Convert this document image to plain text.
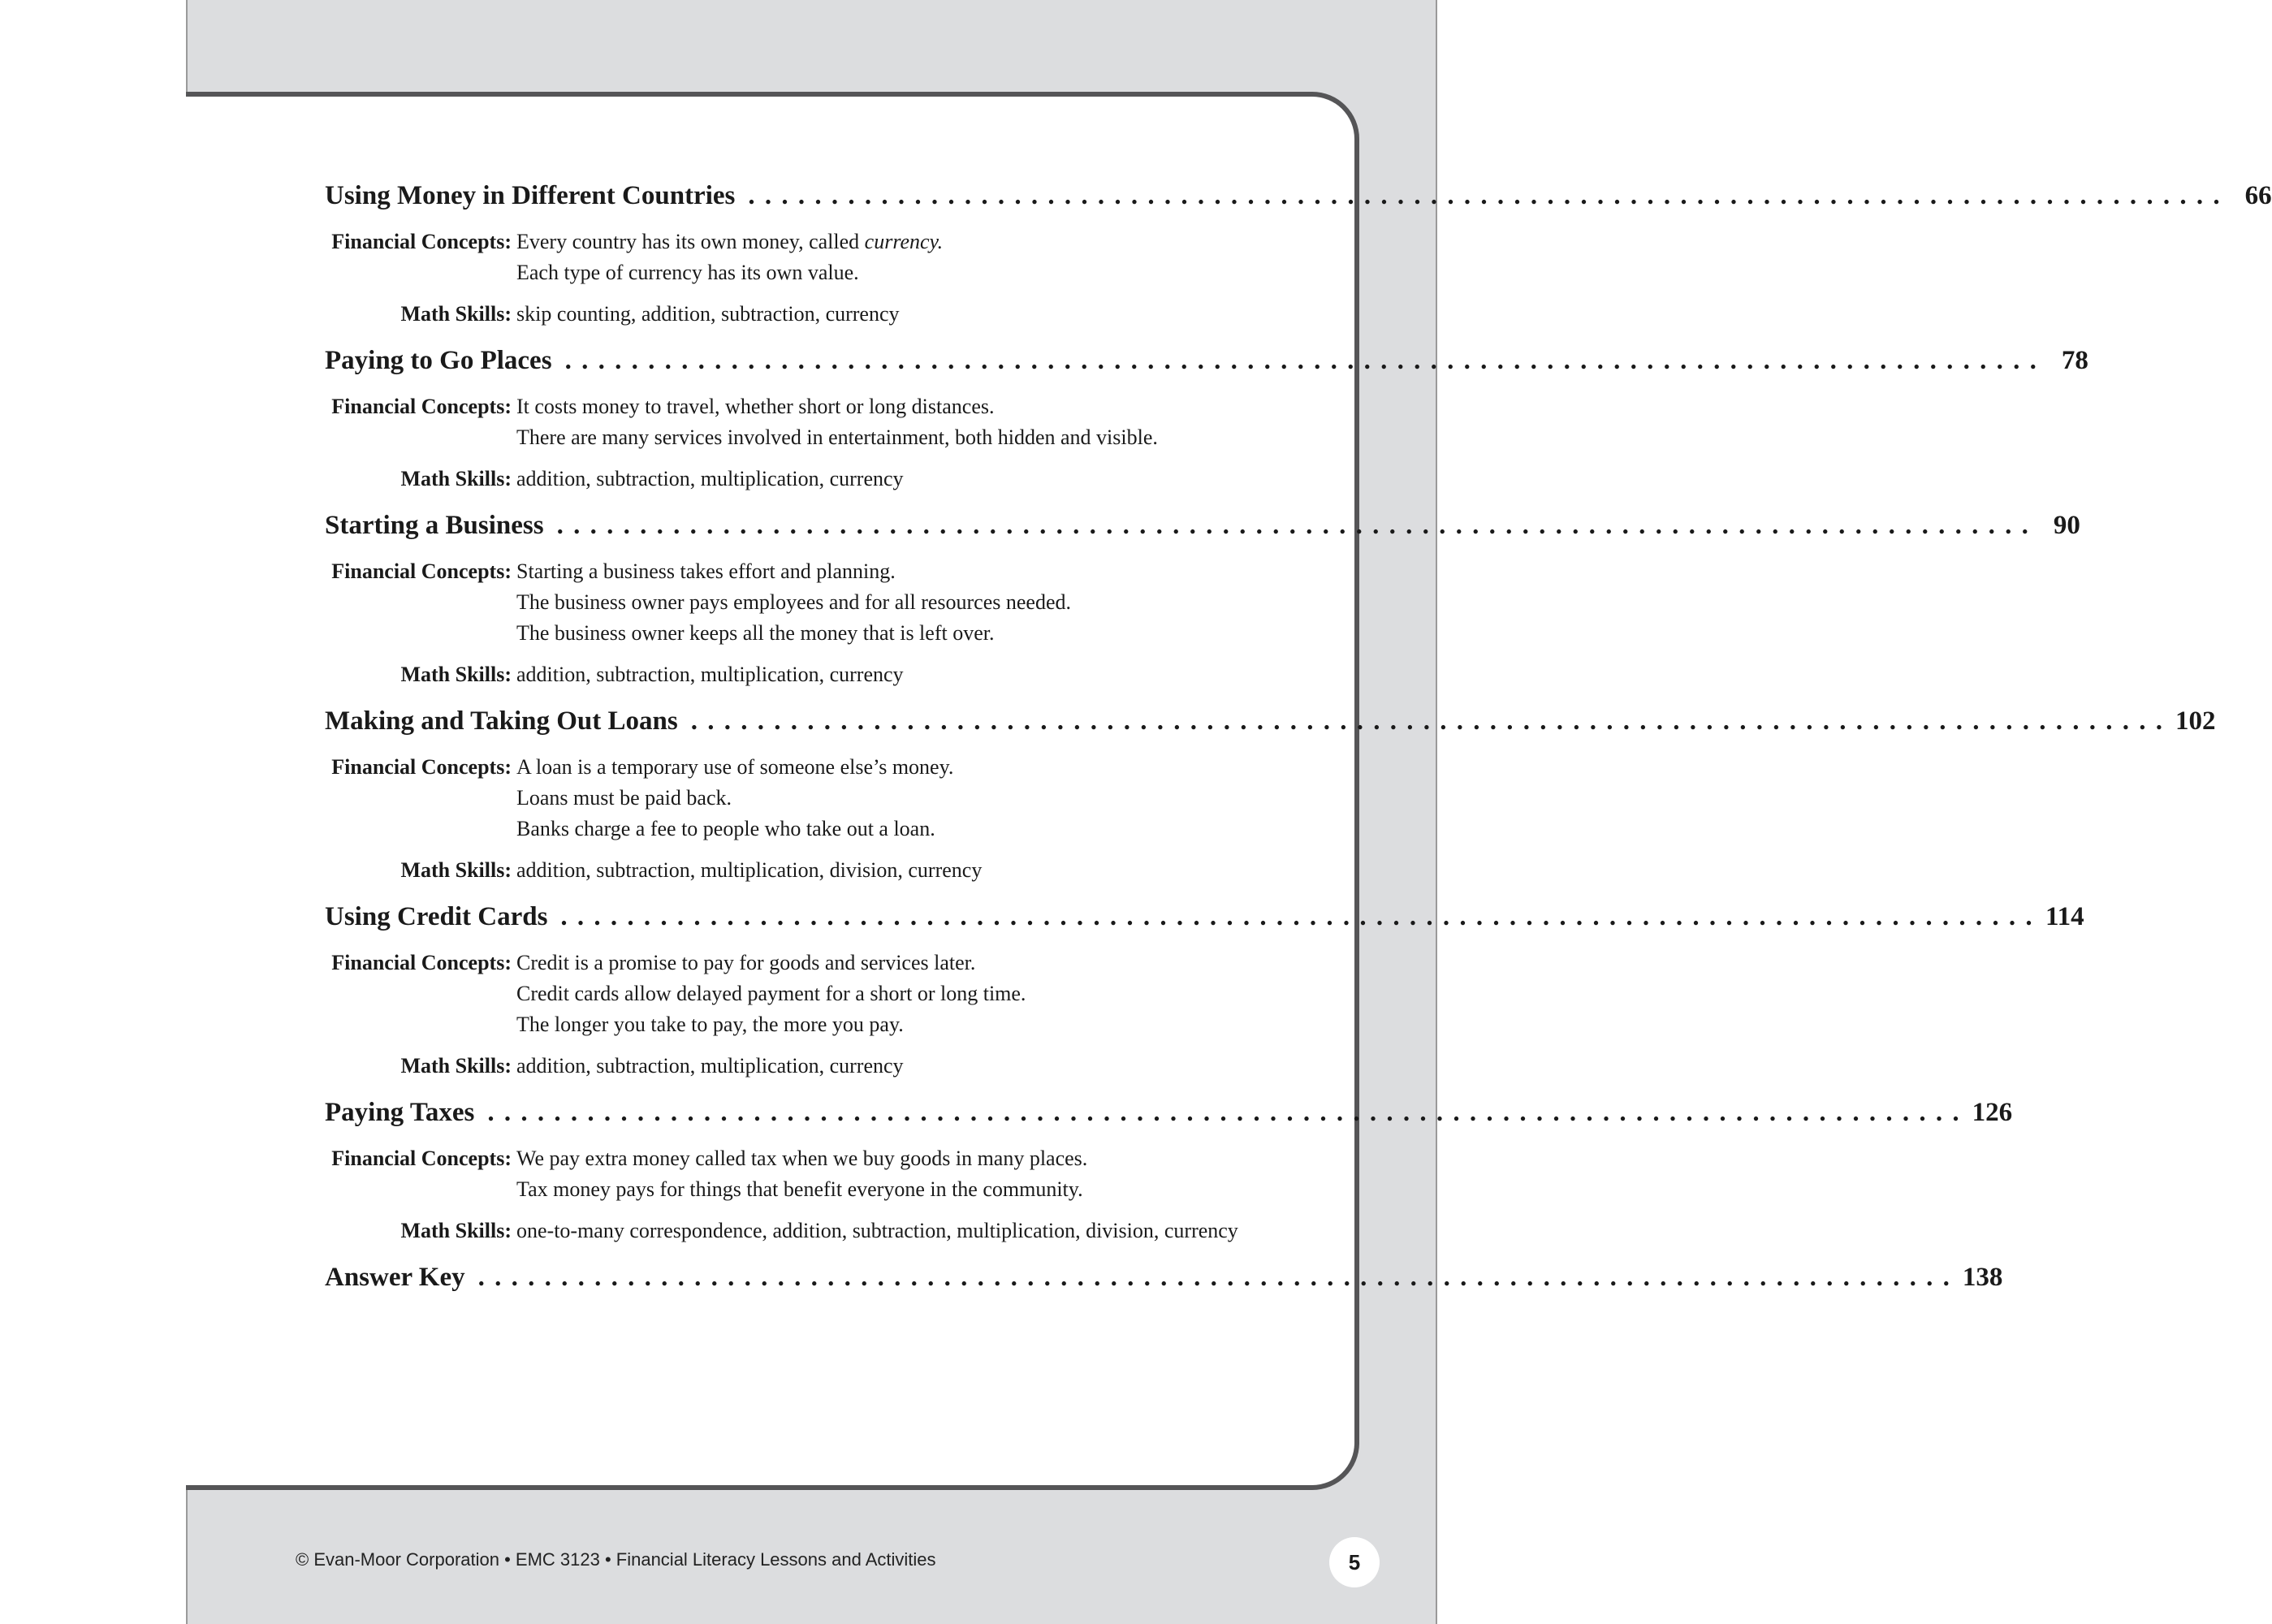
Using Money in Different Countries . . . . . . . . . . . . . . . . . . . . . . . . . . . . . . . . . . . . . . . . . . . . . . . . . . . . . . . . . . . . . . . . . . . . . . . . . . . . . . . . . . . . . . . . . 66
Financial Concepts: Every country has its own money, called currency.
Each type of currency has its own value.
Math Skills: skip counting, addition, subtraction, currency
Paying to Go Places . . . . . . . . . . . . . . . . . . . . . . . . . . . . . . . . . . . . . . . . . . . . . . . . . . . . . . . . . . . . . . . . . . . . . . . . . . . . . . . . . . . . . . . . . 78
Financial Concepts: It costs money to travel, whether short or long distances.
There are many services involved in entertainment, both hidden and visible.
Math Skills: addition, subtraction, multiplication, currency
Starting a Business . . . . . . . . . . . . . . . . . . . . . . . . . . . . . . . . . . . . . . . . . . . . . . . . . . . . . . . . . . . . . . . . . . . . . . . . . . . . . . . . . . . . . . . . . 90
Financial Concepts: Starting a business takes effort and planning.
The business owner pays employees and for all resources needed.
The business owner keeps all the money that is left over.
Math Skills: addition, subtraction, multiplication, currency
Making and Taking Out Loans . . . . . . . . . . . . . . . . . . . . . . . . . . . . . . . . . . . . . . . . . . . . . . . . . . . . . . . . . . . . . . . . . . . . . . . . . . . . . . . . . . . . . . . . . 102
Financial Concepts: A loan is a temporary use of someone else’s money.
Loans must be paid back.
Banks charge a fee to people who take out a loan.
Math Skills: addition, subtraction, multiplication, division, currency
Using Credit Cards . . . . . . . . . . . . . . . . . . . . . . . . . . . . . . . . . . . . . . . . . . . . . . . . . . . . . . . . . . . . . . . . . . . . . . . . . . . . . . . . . . . . . . . . . 114
Financial Concepts: Credit is a promise to pay for goods and services later.
Credit cards allow delayed payment for a short or long time.
The longer you take to pay, the more you pay.
Math Skills: addition, subtraction, multiplication, currency
Paying Taxes . . . . . . . . . . . . . . . . . . . . . . . . . . . . . . . . . . . . . . . . . . . . . . . . . . . . . . . . . . . . . . . . . . . . . . . . . . . . . . . . . . . . . . . . . 126
Financial Concepts: We pay extra money called tax when we buy goods in many places.
Tax money pays for things that benefit everyone in the community.
Math Skills: one-to-many correspondence, addition, subtraction, multiplication, division, currency
Answer Key . . . . . . . . . . . . . . . . . . . . . . . . . . . . . . . . . . . . . . . . . . . . . . . . . . . . . . . . . . . . . . . . . . . . . . . . . . . . . . . . . . . . . . . . . 138
© Evan-Moor Corporation • EMC 3123 • Financial Literacy Lessons and Activities	5
